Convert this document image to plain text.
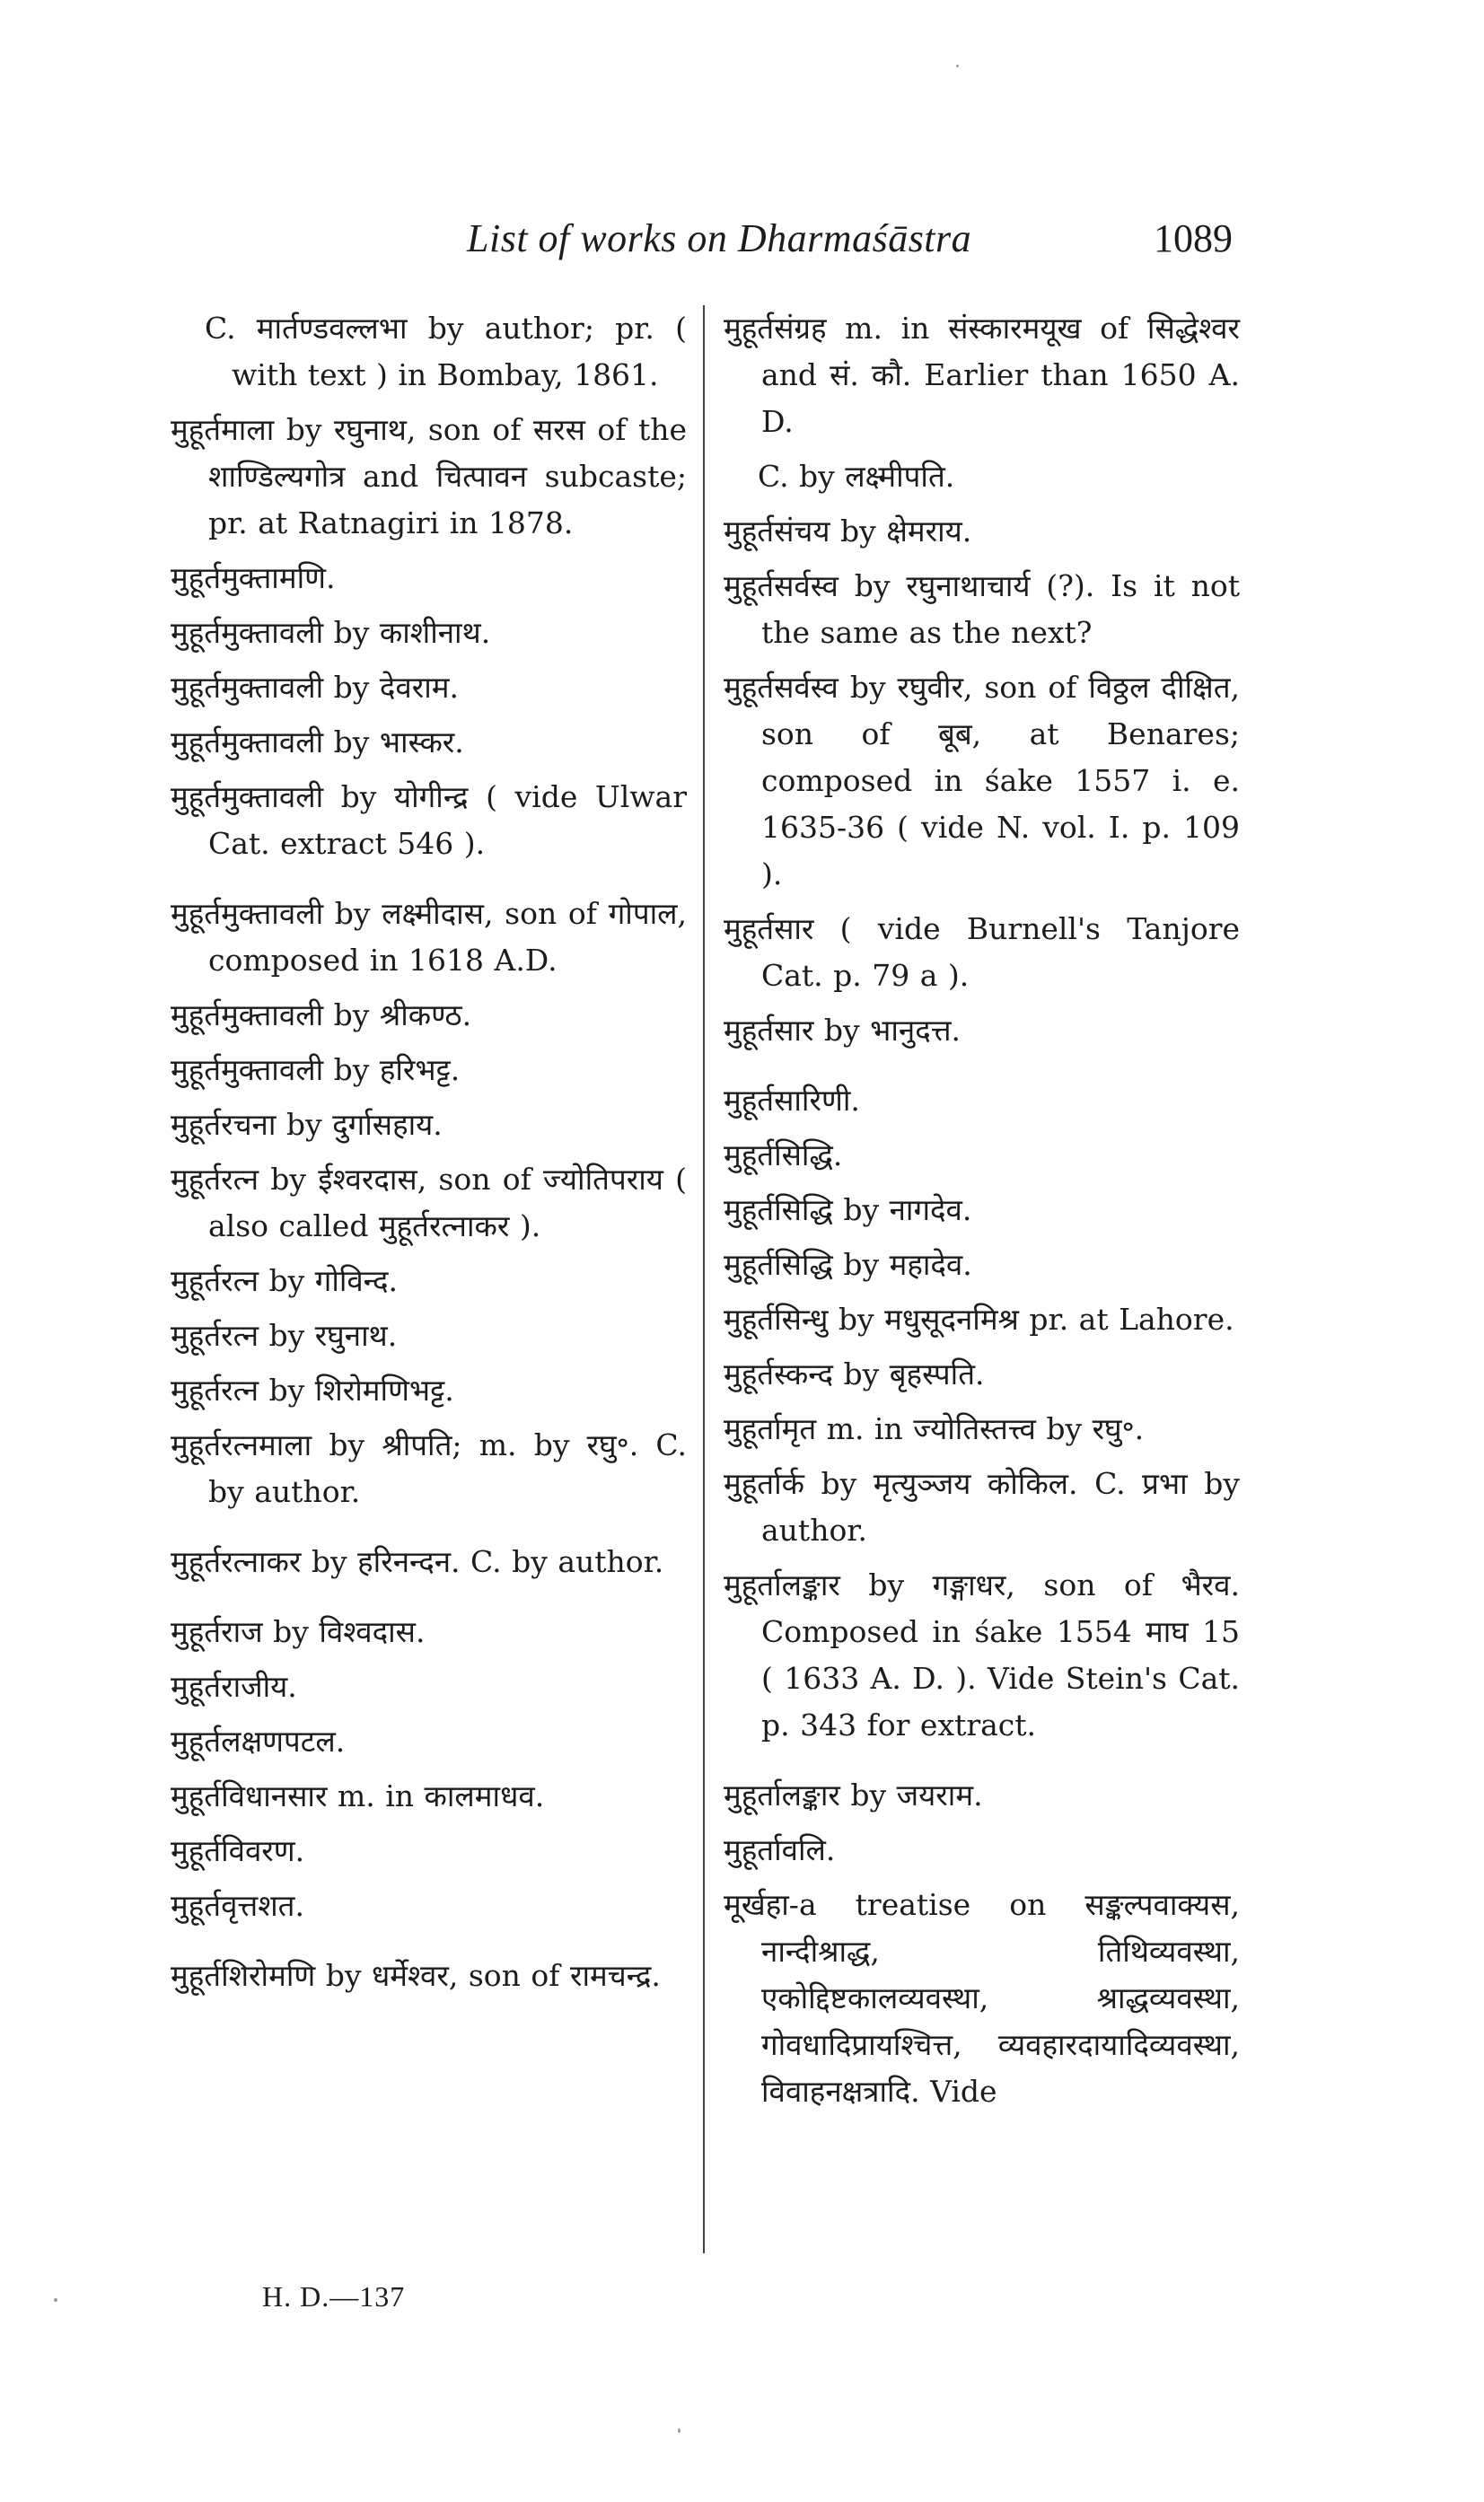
List of works on Dharmaśāstra	1089
C. मार्तण्डवल्लभा by author; pr. ( with text ) in Bombay, 1861.
मुहूर्तमाला by रघुनाथ, son of सरस of the शाण्डिल्यगोत्र and चित्पावन subcaste; pr. at Ratnagiri in 1878.
मुहूर्तमुक्तामणि.
मुहूर्तमुक्तावली by काशीनाथ.
मुहूर्तमुक्तावली by देवराम.
मुहूर्तमुक्तावली by भास्कर.
मुहूर्तमुक्तावली by योगीन्द्र ( vide Ulwar Cat. extract 546 ).
मुहूर्तमुक्तावली by लक्ष्मीदास, son of गोपाल, composed in 1618 A.D.
मुहूर्तमुक्तावली by श्रीकण्ठ.
मुहूर्तमुक्तावली by हरिभट्ट.
मुहूर्तरचना by दुर्गासहाय.
मुहूर्तरत्न by ईश्वरदास, son of ज्योतिपराय ( also called मुहूर्तरत्नाकर ).
मुहूर्तरत्न by गोविन्द.
मुहूर्तरत्न by रघुनाथ.
मुहूर्तरत्न by शिरोमणिभट्ट.
मुहूर्तरत्नमाला by श्रीपति; m. by रघु॰. C. by author.
मुहूर्तरत्नाकर by हरिनन्दन. C. by author.
मुहूर्तराज by विश्वदास.
मुहूर्तराजीय.
मुहूर्तलक्षणपटल.
मुहूर्तविधानसार m. in कालमाधव.
मुहूर्तविवरण.
मुहूर्तवृत्तशत.
मुहूर्तशिरोमणि by धर्मेश्वर, son of रामचन्द्र.
मुहूर्तसंग्रह m. in संस्कारमयूख of सिद्धेश्वर and सं. कौ. Earlier than 1650 A. D.
C. by लक्ष्मीपति.
मुहूर्तसंचय by क्षेमराय.
मुहूर्तसर्वस्व by रघुनाथाचार्य (?). Is it not the same as the next?
मुहूर्तसर्वस्व by रघुवीर, son of विठ्ठल दीक्षित, son of बूब, at Benares; composed in śake 1557 i. e. 1635-36 ( vide N. vol. I. p. 109 ).
मुहूर्तसार ( vide Burnell's Tanjore Cat. p. 79 a ).
मुहूर्तसार by भानुदत्त.
मुहूर्तसारिणी.
मुहूर्तसिद्धि.
मुहूर्तसिद्धि by नागदेव.
मुहूर्तसिद्धि by महादेव.
मुहूर्तसिन्धु by मधुसूदनमिश्र pr. at Lahore.
मुहूर्तस्कन्द by बृहस्पति.
मुहूर्तामृत m. in ज्योतिस्तत्त्व by रघु॰.
मुहूर्तार्क by मृत्युञ्जय कोकिल. C. प्रभा by author.
मुहूर्तालङ्कार by गङ्गाधर, son of भैरव. Composed in śake 1554 माघ 15 ( 1633 A. D. ). Vide Stein's Cat. p. 343 for extract.
मुहूर्तालङ्कार by जयराम.
मुहूर्तावलि.
मूर्खहा-a treatise on सङ्कल्पवाक्यस, नान्दीश्राद्ध, तिथिव्यवस्था, एकोद्दिष्टकालव्यवस्था, श्राद्धव्यवस्था, गोवधादिप्रायश्चित्त, व्यवहारदायादिव्यवस्था, विवाहनक्षत्रादि. Vide
H. D.—137
